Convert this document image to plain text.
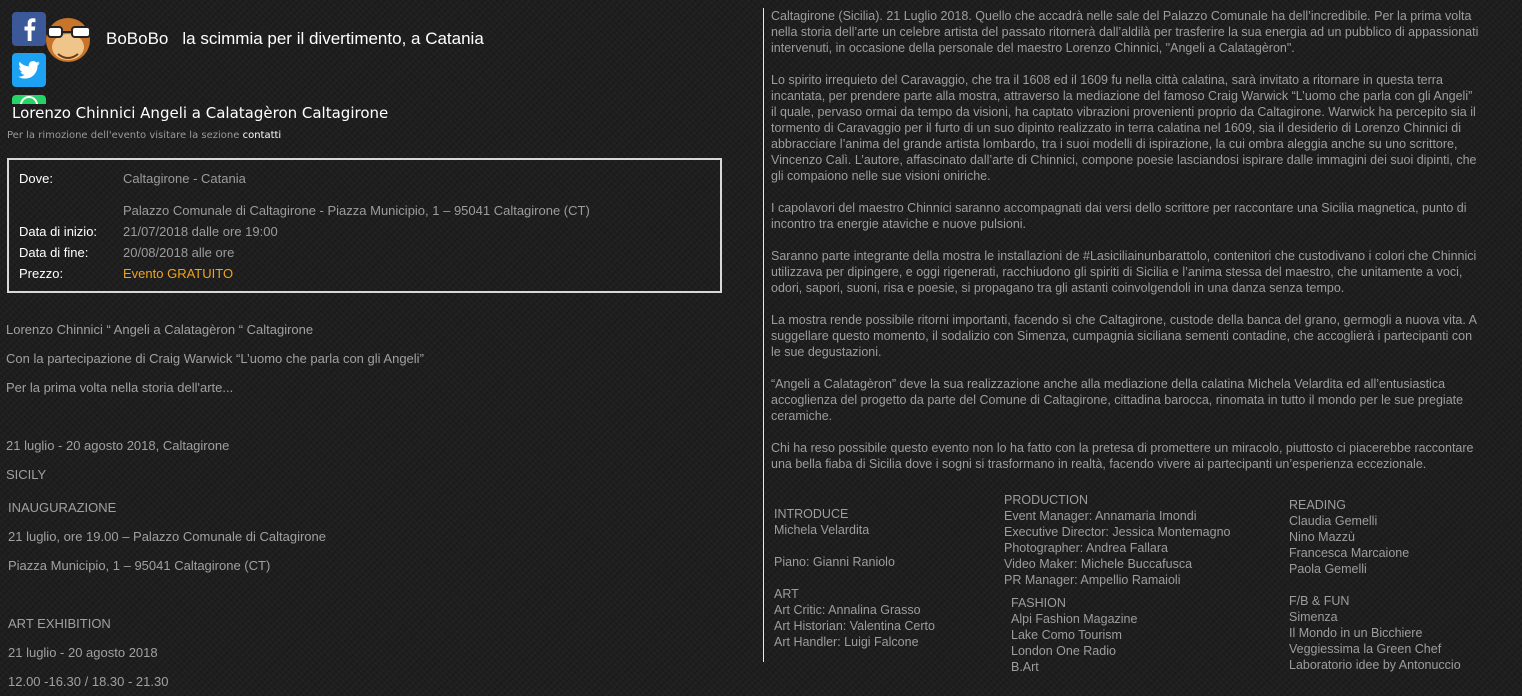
BoBoBo la scimmia per il divertimento, a Catania
Lorenzo Chinnici Angeli a Calatagèron Caltagirone
Per la rimozione dell'evento visitare la sezione contatti
Dove:	Caltagirone - Catania
Palazzo Comunale di Caltagirone - Piazza Municipio, 1 – 95041 Caltagirone (CT)
Data di inizio: 21/07/2018 dalle ore 19:00
Data di fine:	20/08/2018 alle ore
Prezzo:	Evento GRATUITO
Lorenzo Chinnici “ Angeli a Calatagèron “ Caltagirone
Con la partecipazione di Craig Warwick “L’uomo che parla con gli Angeli”
Per la prima volta nella storia dell'arte...
21 luglio - 20 agosto 2018, Caltagirone
SICILY
INAUGURAZIONE
21 luglio, ore 19.00 – Palazzo Comunale di Caltagirone
Piazza Municipio, 1 – 95041 Caltagirone (CT)
ART EXHIBITION
21 luglio - 20 agosto 2018
12.00 -16.30 / 18.30 - 21.30
Caltagirone (Sicilia). 21 Luglio 2018. Quello che accadrà nelle sale del Palazzo Comunale ha dell’incredibile. Per la prima volta nella storia dell’arte un celebre artista del passato ritornerà dall’aldilà per trasferire la sua energia ad un pubblico di appassionati intervenuti, in occasione della personale del maestro Lorenzo Chinnici, "Angeli a Calatagèron".
Lo spirito irrequieto del Caravaggio, che tra il 1608 ed il 1609 fu nella città calatina, sarà invitato a ritornare in questa terra incantata, per prendere parte alla mostra, attraverso la mediazione del famoso Craig Warwick “L’uomo che parla con gli Angeli” il quale, pervaso ormai da tempo da visioni, ha captato vibrazioni provenienti proprio da Caltagirone. Warwick ha percepito sia il tormento di Caravaggio per il furto di un suo dipinto realizzato in terra calatina nel 1609, sia il desiderio di Lorenzo Chinnici di abbracciare l’anima del grande artista lombardo, tra i suoi modelli di ispirazione, la cui ombra aleggia anche su uno scrittore, Vincenzo Calì. L’autore, affascinato dall’arte di Chinnici, compone poesie lasciandosi ispirare dalle immagini dei suoi dipinti, che gli compaiono nelle sue visioni oniriche.
I capolavori del maestro Chinnici saranno accompagnati dai versi dello scrittore per raccontare una Sicilia magnetica, punto di incontro tra energie ataviche e nuove pulsioni.
Saranno parte integrante della mostra le installazioni de #Lasiciliainunbarattolo, contenitori che custodivano i colori che Chinnici utilizzava per dipingere, e oggi rigenerati, racchiudono gli spiriti di Sicilia e l’anima stessa del maestro, che unitamente a voci, odori, sapori, suoni, risa e poesie, si propagano tra gli astanti coinvolgendoli in una danza senza tempo.
La mostra rende possibile ritorni importanti, facendo sì che Caltagirone, custode della banca del grano, germogli a nuova vita. A suggellare questo momento, il sodalizio con Simenza, cumpagnia siciliana sementi contadine, che accoglierà i partecipanti con le sue degustazioni.
“Angeli a Calatagèron” deve la sua realizzazione anche alla mediazione della calatina Michela Velardita ed all’entusiastica accoglienza del progetto da parte del Comune di Caltagirone, cittadina barocca, rinomata in tutto il mondo per le sue pregiate ceramiche.
Chi ha reso possibile questo evento non lo ha fatto con la pretesa di promettere un miracolo, piuttosto ci piacerebbe raccontare una bella fiaba di Sicilia dove i sogni si trasformano in realtà, facendo vivere ai partecipanti un’esperienza eccezionale.
INTRODUCE
Michela Velardita
Piano: Gianni Raniolo
ART
Art Critic: Annalina Grasso
Art Historian: Valentina Certo
Art Handler: Luigi Falcone
PRODUCTION
Event Manager: Annamaria Imondi
Executive Director: Jessica Montemagno
Photographer: Andrea Fallara
Video Maker: Michele Buccafusca
PR Manager: Ampellio Ramaioli
FASHION
Alpi Fashion Magazine
Lake Como Tourism
London One Radio
B.Art
READING
Claudia Gemelli
Nino Mazzù
Francesca Marcaione
Paola Gemelli
F/B & FUN
Simenza
Il Mondo in un Bicchiere
Veggiessima la Green Chef
Laboratorio idee by Antonuccio
